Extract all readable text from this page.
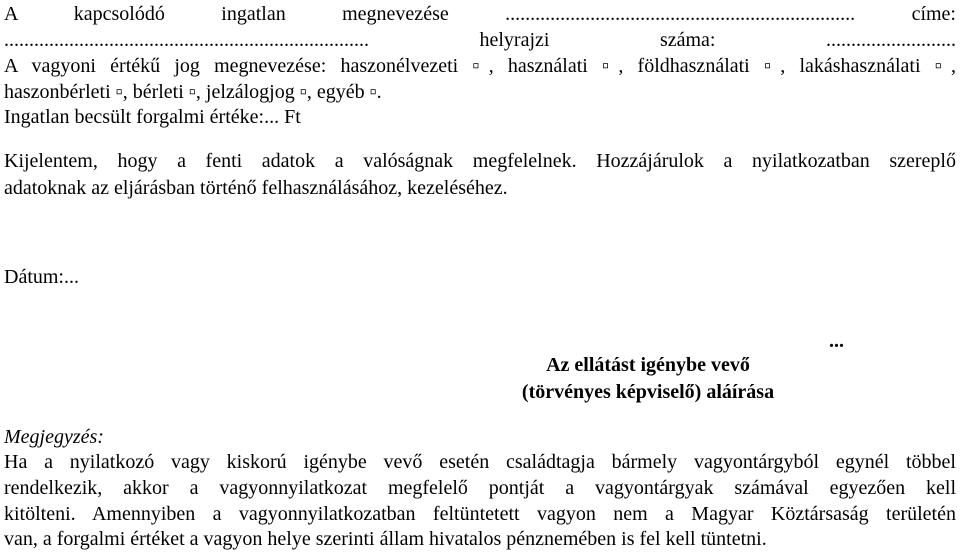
A kapcsolódó ingatlan megnevezése ...................................................................... címe:
......................................................................... helyrajzi száma: ..........................
A vagyoni értékű jog megnevezése: haszonélvezeti ▫, használati ▫, földhasználati ▫, lakáshasználati ▫,
haszonbérleti ▫, bérleti ▫, jelzálogjog ▫, egyéb ▫.
Ingatlan becsült forgalmi értéke:... Ft
Kijelentem, hogy a fenti adatok a valóságnak megfelelnek. Hozzájárulok a nyilatkozatban szereplő
adatoknak az eljárásban történő felhasználásához, kezeléséhez.
Dátum:...
...
Az ellátást igénybe vevő
(törvényes képviselő) aláírása
Megjegyzés:
Ha a nyilatkozó vagy kiskorú igénybe vevő esetén családtagja bármely vagyontárgyból egynél többel
rendelkezik, akkor a vagyonnyilatkozat megfelelő pontját a vagyontárgyak számával egyezően kell
kitölteni. Amennyiben a vagyonnyilatkozatban feltüntetett vagyon nem a Magyar Köztársaság területén
van, a forgalmi értéket a vagyon helye szerinti állam hivatalos pénznemében is fel kell tüntetni.
